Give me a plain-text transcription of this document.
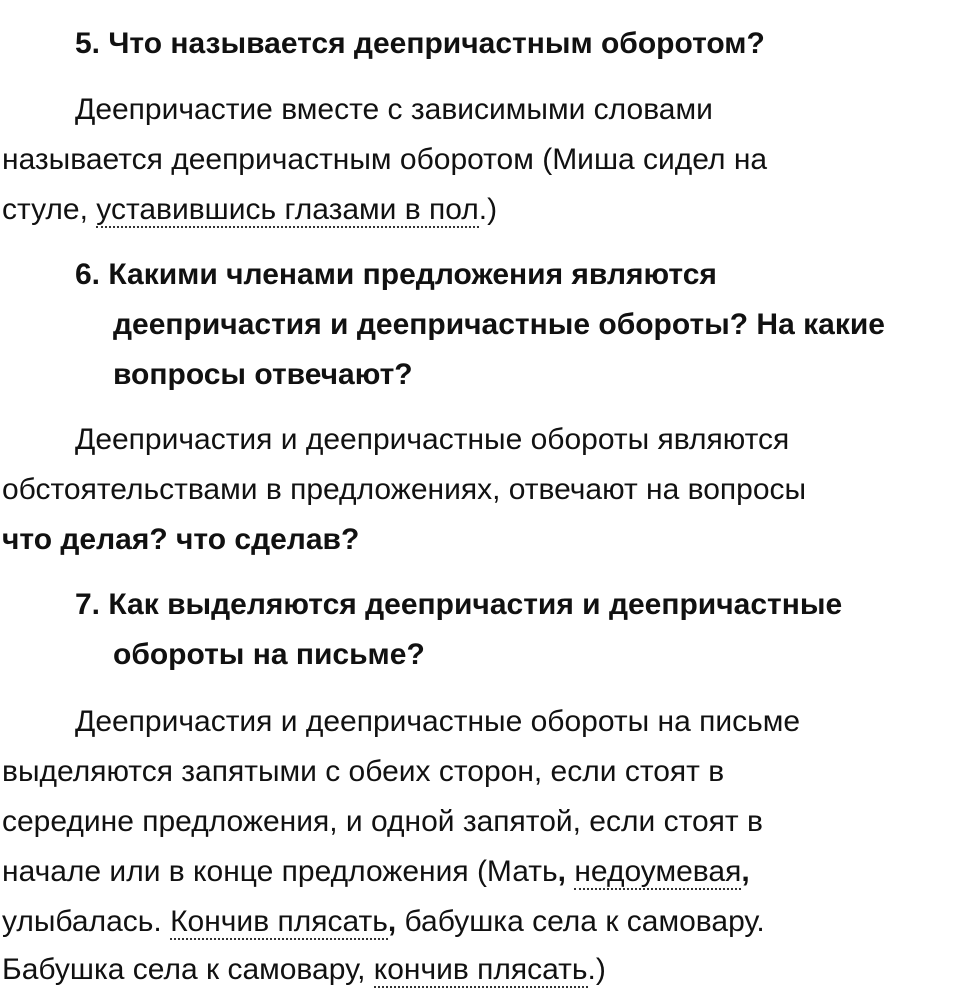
5. Что называется деепричастным оборотом?
Деепричастие вместе с зависимыми словами
называется деепричастным оборотом (Миша сидел на
стуле, уставившись глазами в пол.)
6. Какими членами предложения являются
деепричастия и деепричастные обороты? На какие
вопросы отвечают?
Деепричастия и деепричастные обороты являются
обстоятельствами в предложениях, отвечают на вопросы
что делая? что сделав?
7. Как выделяются деепричастия и деепричастные
обороты на письме?
Деепричастия и деепричастные обороты на письме
выделяются запятыми с обеих сторон, если стоят в
середине предложения, и одной запятой, если стоят в
начале или в конце предложения (Мать, недоумевая,
улыбалась. Кончив плясать, бабушка села к самовару.
Бабушка села к самовару, кончив плясать.)
